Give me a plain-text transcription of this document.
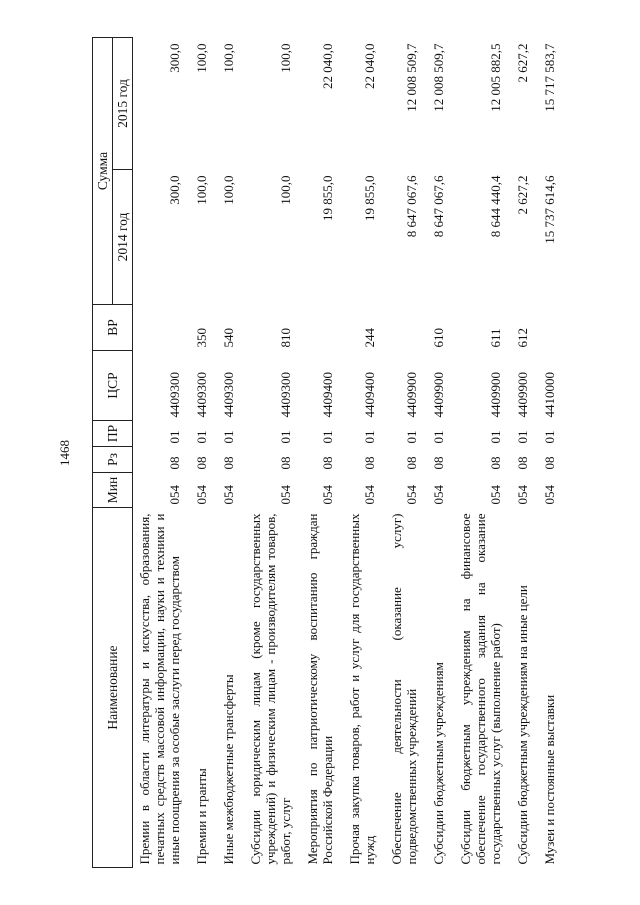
1468
Наименование	Мин	Рз	ПР	ЦСР	ВР	Сумма	
						2014 год	2015 год
Премии в области литературы и искусства, образования, печатных средств массовой информации, науки и техники и иные поощрения за особые заслуги перед государством	054	08	01	4409300		300,0	300,0
Премии и гранты	054	08	01	4409300	350	100,0	100,0
Иные межбюджетные трансферты	054	08	01	4409300	540	100,0	100,0
Субсидии юридическим лицам (кроме государственных учреждений) и физическим лицам - производителям товаров, работ, услуг	054	08	01	4409300	810	100,0	100,0
Мероприятия по патриотическому воспитанию граждан Российской Федерации	054	08	01	4409400		19 855,0	22 040,0
Прочая закупка товаров, работ и услуг для государственных нужд	054	08	01	4409400	244	19 855,0	22 040,0
Обеспечение деятельности (оказание услуг) подведомственных учреждений	054	08	01	4409900		8 647 067,6	12 008 509,7
Субсидии бюджетным учреждениям	054	08	01	4409900	610	8 647 067,6	12 008 509,7
Субсидии бюджетным учреждениям на финансовое обеспечение государственного задания на оказание государственных услуг (выполнение работ)	054	08	01	4409900	611	8 644 440,4	12 005 882,5
Субсидии бюджетным учреждениям на иные цели	054	08	01	4409900	612	2 627,2	2 627,2
Музеи и постоянные выставки	054	08	01	4410000		15 737 614,6	15 717 583,7
